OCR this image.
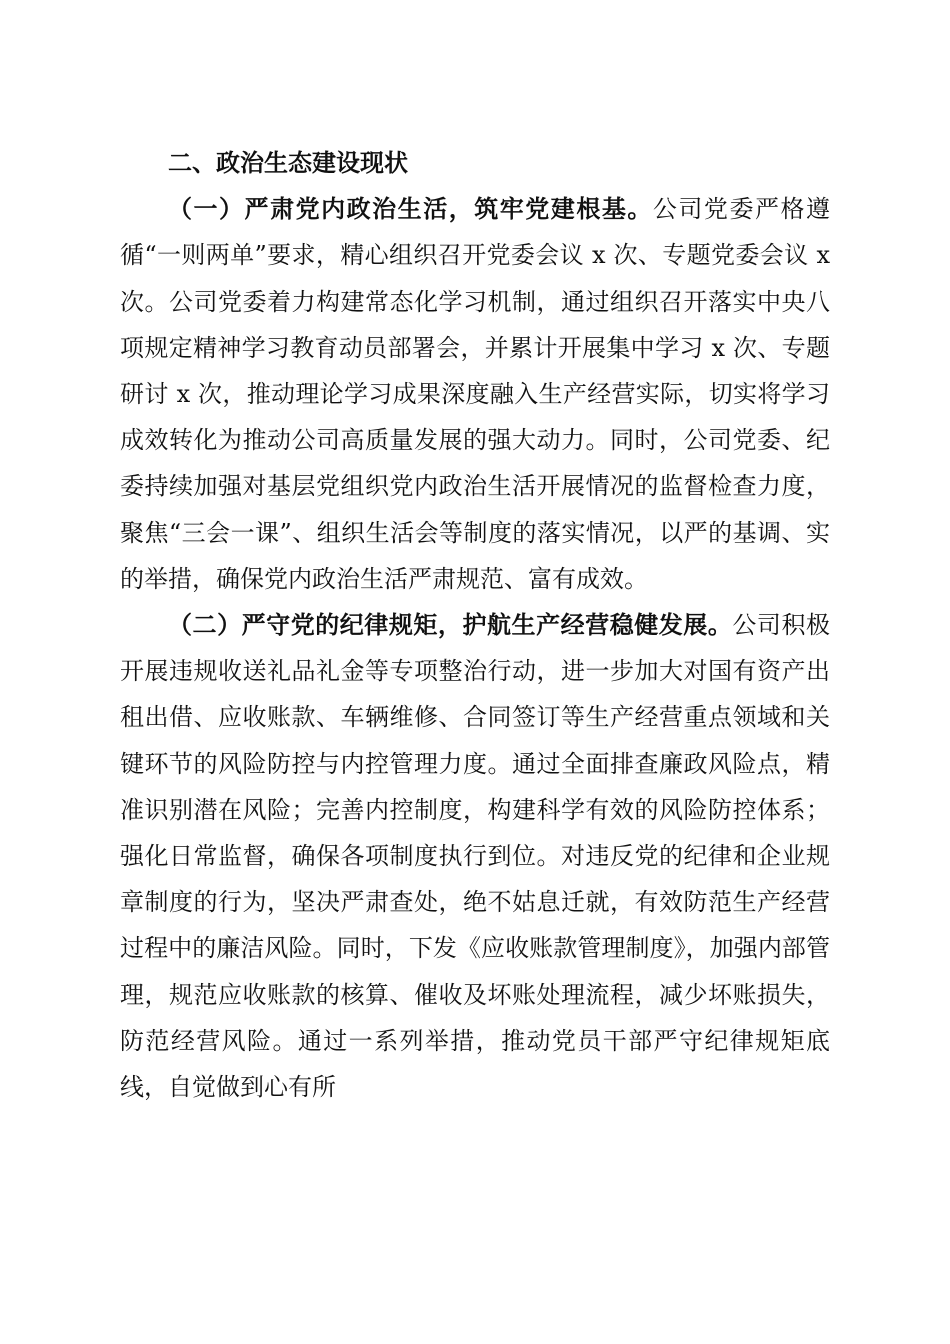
二、政治生态建设现状

（一）严肃党内政治生活，筑牢党建根基。公司党委严格遵循“一则两单”要求，精心组织召开党委会议 x 次、专题党委会议 x 次。公司党委着力构建常态化学习机制，通过组织召开落实中央八项规定精神学习教育动员部署会，并累计开展集中学习 x 次、专题研讨 x 次，推动理论学习成果深度融入生产经营实际，切实将学习成效转化为推动公司高质量发展的强大动力。同时，公司党委、纪委持续加强对基层党组织党内政治生活开展情况的监督检查力度，聚焦“三会一课”、组织生活会等制度的落实情况，以严的基调、实的举措，确保党内政治生活严肃规范、富有成效。

（二）严守党的纪律规矩，护航生产经营稳健发展。公司积极开展违规收送礼品礼金等专项整治行动，进一步加大对国有资产出租出借、应收账款、车辆维修、合同签订等生产经营重点领域和关键环节的风险防控与内控管理力度。通过全面排查廉政风险点，精准识别潜在风险；完善内控制度，构建科学有效的风险防控体系；强化日常监督，确保各项制度执行到位。对违反党的纪律和企业规章制度的行为，坚决严肃查处，绝不姑息迁就，有效防范生产经营过程中的廉洁风险。同时，下发《应收账款管理制度》，加强内部管理，规范应收账款的核算、催收及坏账处理流程，减少坏账损失，防范经营风险。通过一系列举措，推动党员干部严守纪律规矩底线，自觉做到心有所
